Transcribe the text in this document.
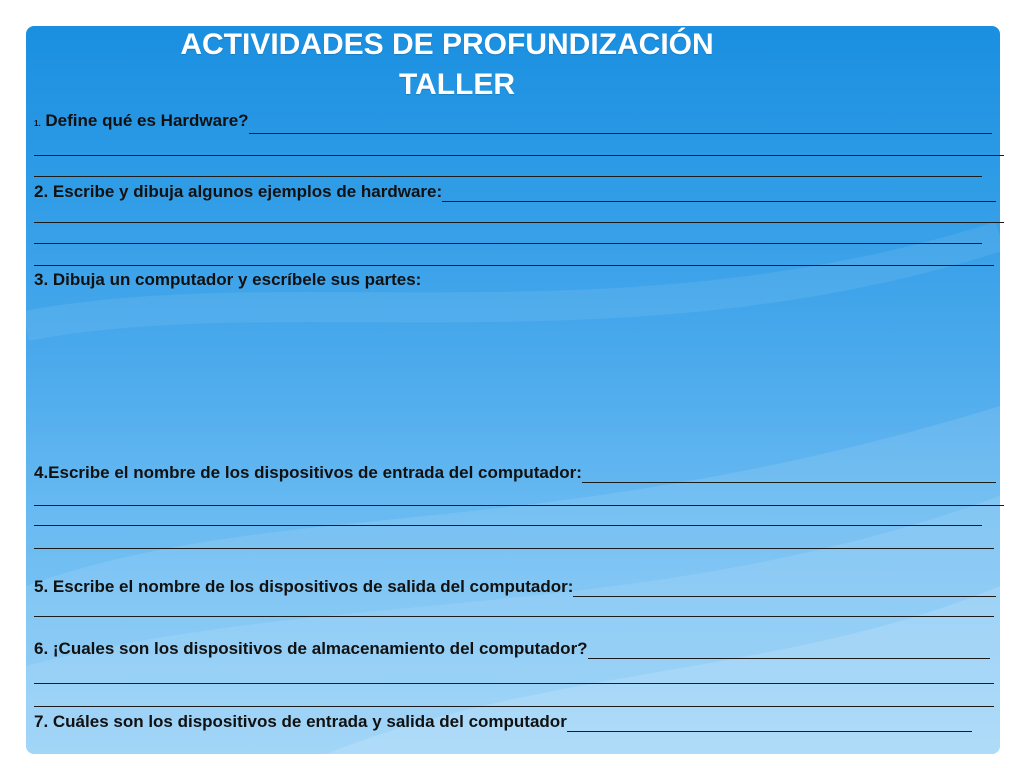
ACTIVIDADES DE PROFUNDIZACIÓN
TALLER
1. Define qué es Hardware?
2. Escribe y dibuja algunos ejemplos de hardware:
3. Dibuja un computador y escríbele sus partes:
4.Escribe el nombre de los dispositivos de entrada del computador:
5. Escribe el nombre de los dispositivos de salida del computador:
6. ¡Cuales son los dispositivos de almacenamiento del computador?
7. Cuáles son los dispositivos de entrada y salida del computador
